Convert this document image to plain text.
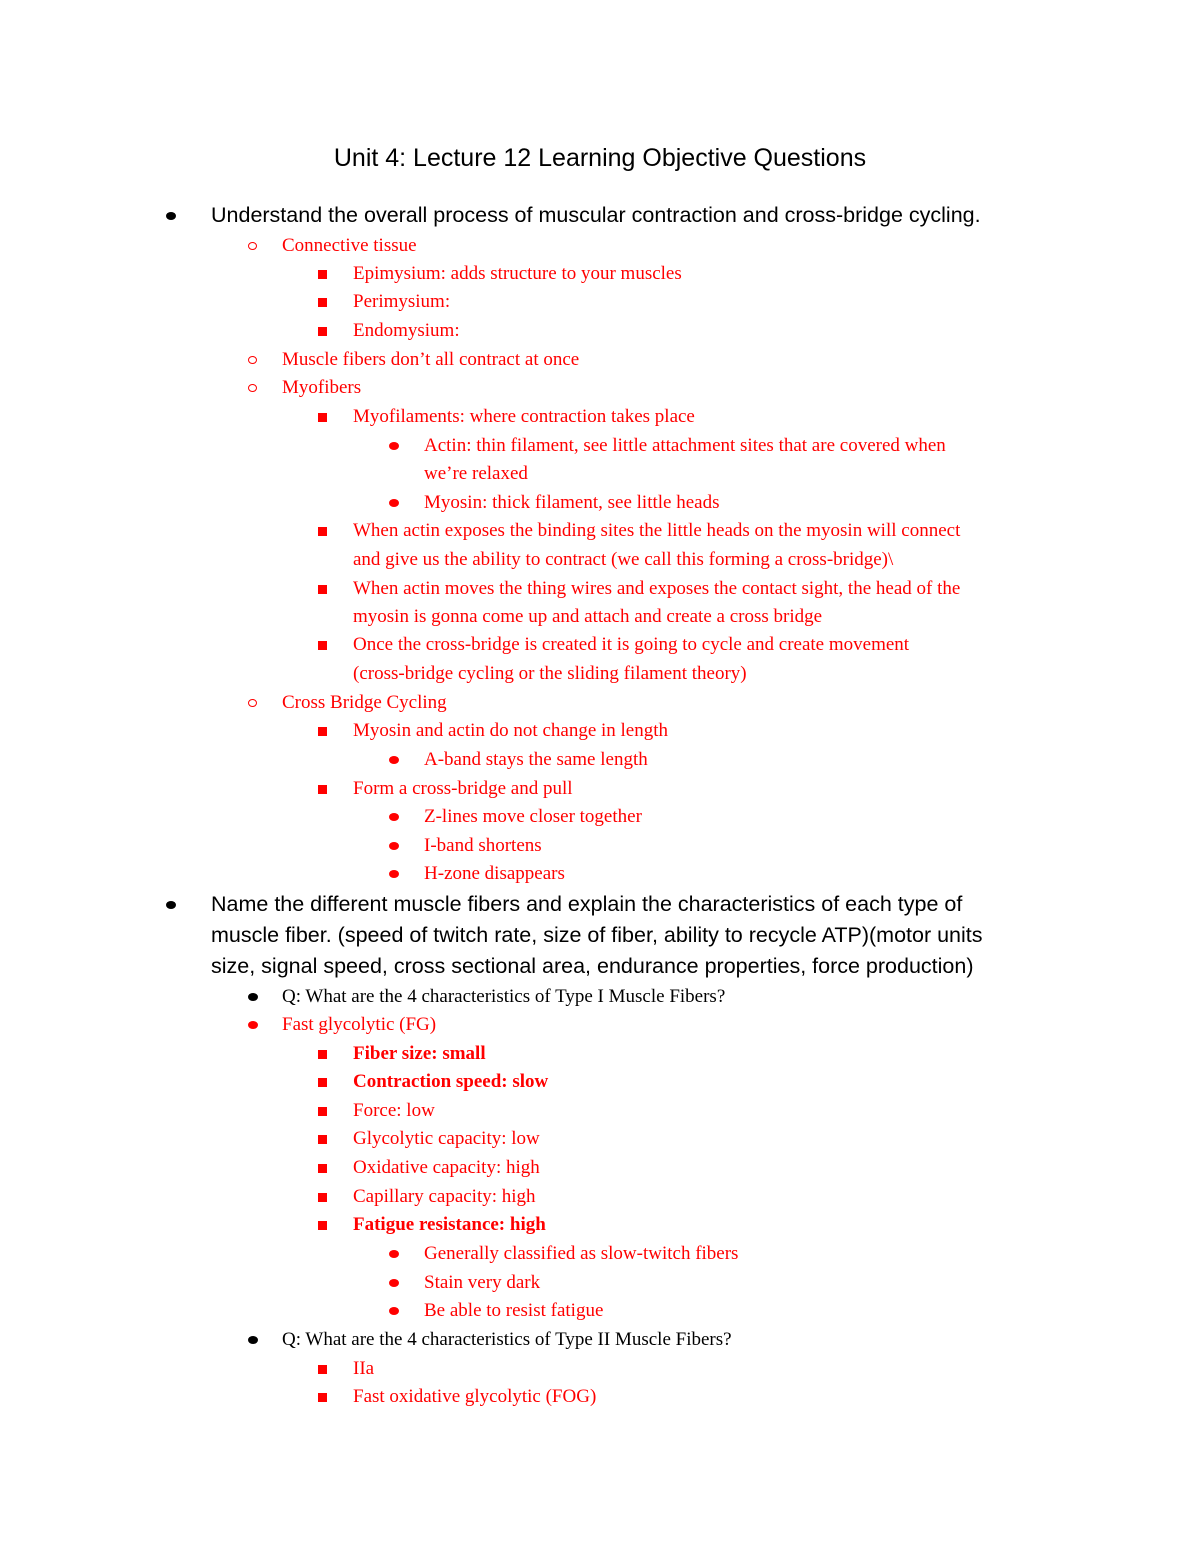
Unit 4: Lecture 12 Learning Objective Questions
Understand the overall process of muscular contraction and cross-bridge cycling.
Connective tissue
Epimysium: adds structure to your muscles
Perimysium:
Endomysium:
Muscle fibers don’t all contract at once
Myofibers
Myofilaments: where contraction takes place
Actin: thin filament, see little attachment sites that are covered when
we’re relaxed
Myosin: thick filament, see little heads
When actin exposes the binding sites the little heads on the myosin will connect
and give us the ability to contract (we call this forming a cross-bridge)\
When actin moves the thing wires and exposes the contact sight, the head of the
myosin is gonna come up and attach and create a cross bridge
Once the cross-bridge is created it is going to cycle and create movement
(cross-bridge cycling or the sliding filament theory)
Cross Bridge Cycling
Myosin and actin do not change in length
A-band stays the same length
Form a cross-bridge and pull
Z-lines move closer together
I-band shortens
H-zone disappears
Name the different muscle fibers and explain the characteristics of each type of
muscle fiber. (speed of twitch rate, size of fiber, ability to recycle ATP)(motor units
size, signal speed, cross sectional area, endurance properties, force production)
Q: What are the 4 characteristics of Type I Muscle Fibers?
Fast glycolytic (FG)
Fiber size: small
Contraction speed: slow
Force: low
Glycolytic capacity: low
Oxidative capacity: high
Capillary capacity: high
Fatigue resistance: high
Generally classified as slow-twitch fibers
Stain very dark
Be able to resist fatigue
Q: What are the 4 characteristics of Type II Muscle Fibers?
IIa
Fast oxidative glycolytic (FOG)
